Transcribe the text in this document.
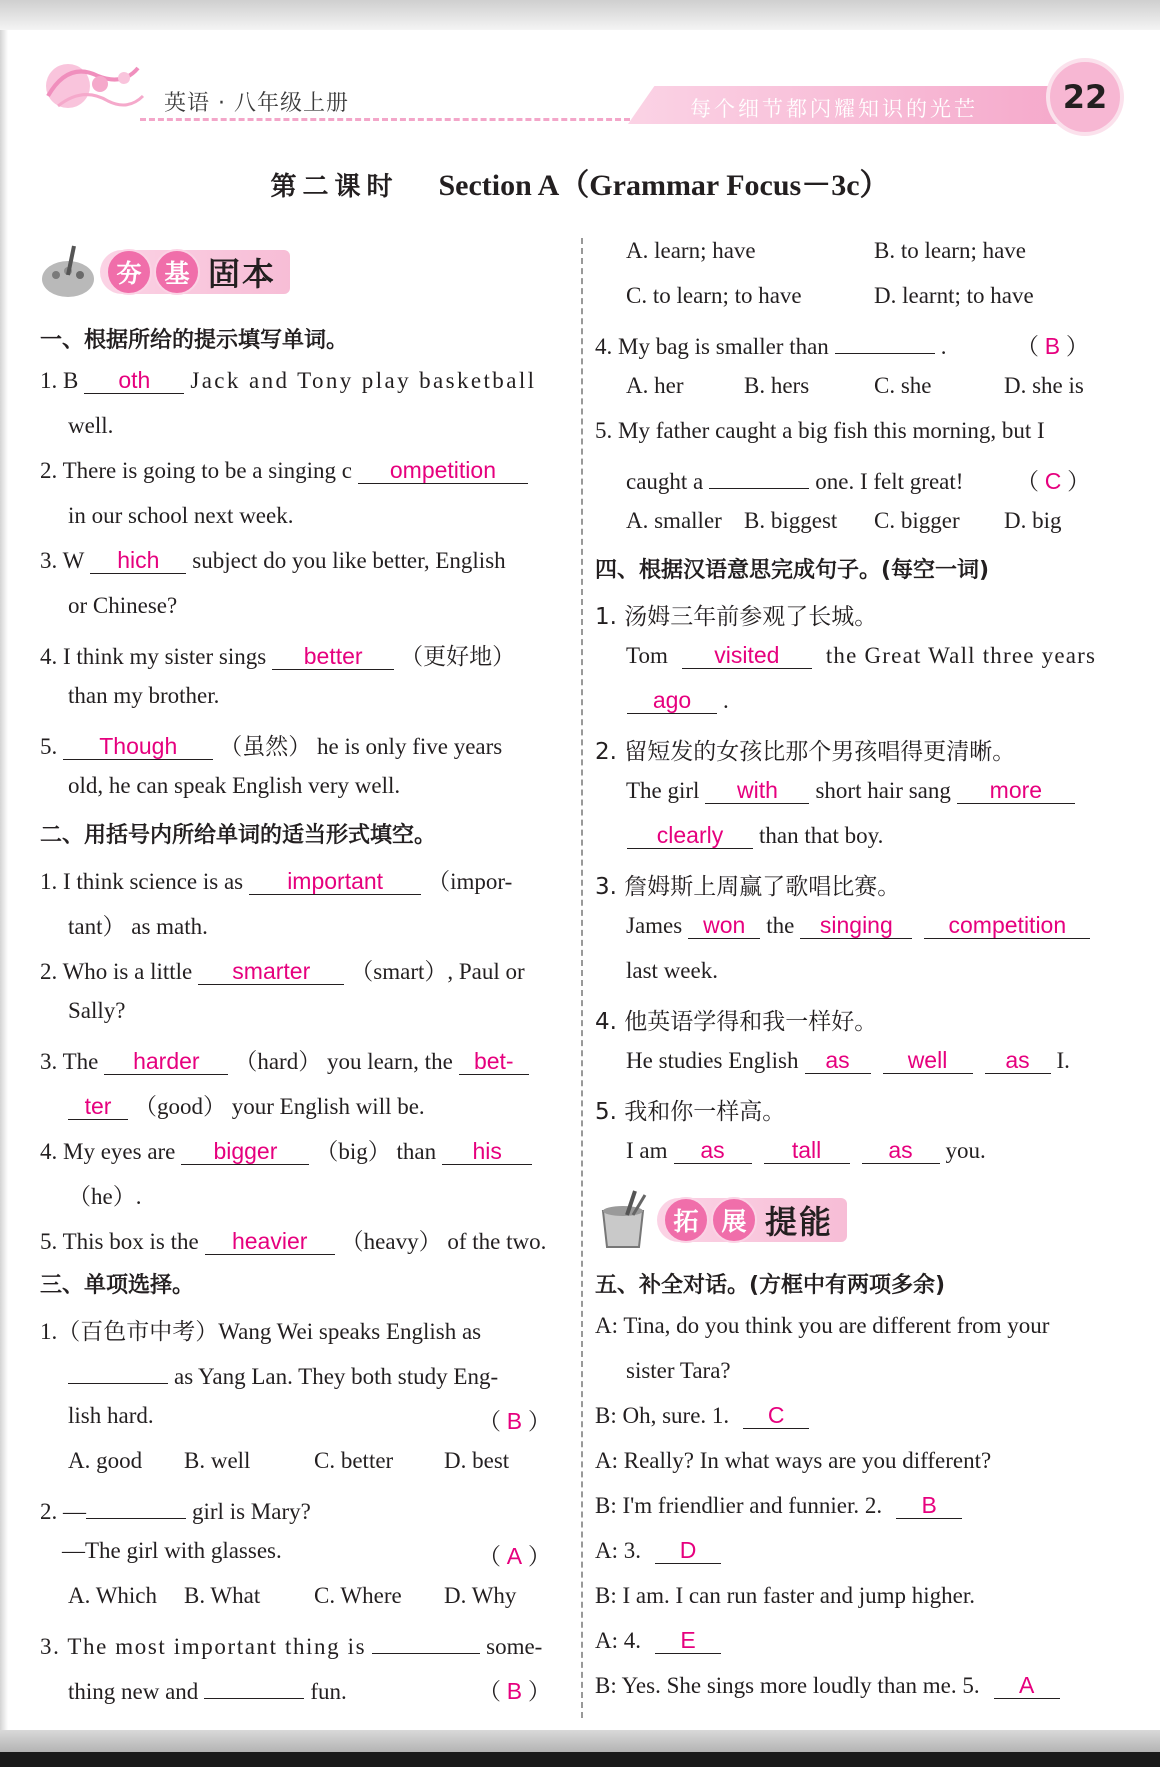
英语 · 八年级上册	每个细节都闪耀知识的光芒	22
第二课时 Section A（Grammar Focus－3c）
夯 基 固本
一、根据所给的提示填写单词。
1. B oth Jack and Tony play basketball
well.
2. There is going to be a singing c ompetition
in our school next week.
3. W hich subject do you like better, English
or Chinese?
4. I think my sister sings better （更好地）
than my brother.
5. Though （虽然） he is only five years
old, he can speak English very well.
二、用括号内所给单词的适当形式填空。
1. I think science is as important （impor-
tant） as math.
2. Who is a little smarter （smart）, Paul or
Sally?
3. The harder （hard） you learn, the bet-
ter （good） your English will be.
4. My eyes are bigger （big） than his
（he）.
5. This box is the heavier （heavy） of the two.
三、单项选择。
1.（百色市中考）Wang Wei speaks English as
as Yang Lan. They both study Eng-
lish hard.	（ B ）
A. good	B. well	C. better	D. best
2. —	girl is Mary?
—The girl with glasses.	（ A ）
A. Which	B. What	C. Where	D. Why
3. The most important thing is	some-
thing new and	fun.	（ B ）
A. learn; have	B. to learn; have
C. to learn; to have	D. learnt; to have
4. My bag is smaller than	.	（ B ）
A. her	B. hers	C. she	D. she is
5. My father caught a big fish this morning, but I
caught a	one. I felt great! （ C ）
A. smaller B. biggest	C. bigger	D. big
四、根据汉语意思完成句子。(每空一词)
1. 汤姆三年前参观了长城。
Tom visited the Great Wall three years
ago .
2. 留短发的女孩比那个男孩唱得更清晰。
The girl with short hair sang more
clearly than that boy.
3. 詹姆斯上周赢了歌唱比赛。
James won the singing competition
last week.
4. 他英语学得和我一样好。
He studies English as	well	as I.
5. 我和你一样高。
I am as	tall	as you.
拓 展 提能
五、补全对话。(方框中有两项多余)
A: Tina, do you think you are different from your
sister Tara?
B: Oh, sure. 1. C
A: Really? In what ways are you different?
B: I'm friendlier and funnier. 2. B
A: 3. D
B: I am. I can run faster and jump higher.
A: 4. E
B: Yes. She sings more loudly than me. 5. A
